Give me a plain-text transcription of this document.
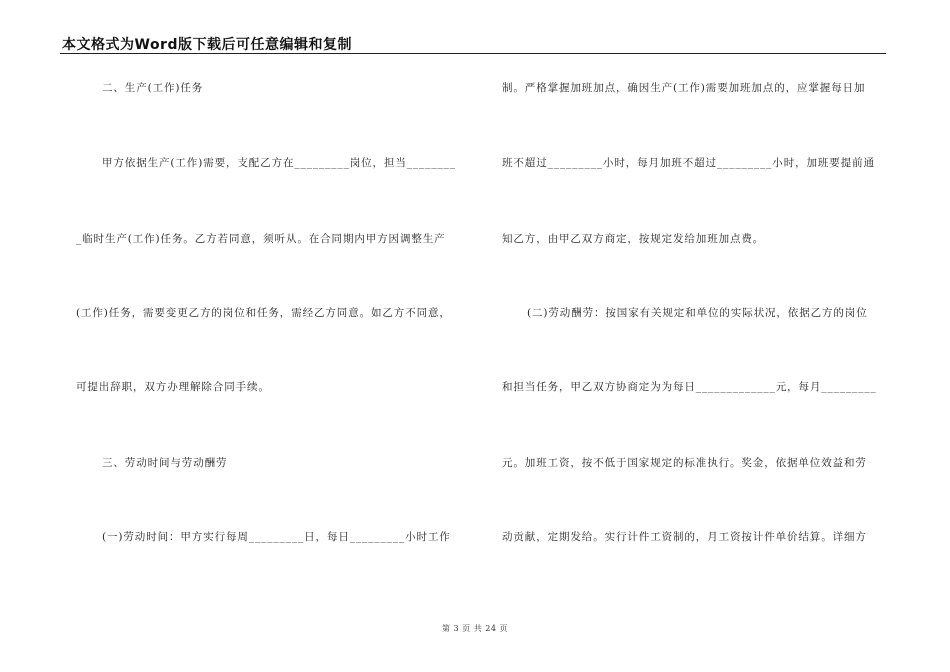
本文格式为Word版下载后可任意编辑和复制
二、生产(工作)任务
甲方依据生产(工作)需要，支配乙方在_________岗位，担当________
_临时生产(工作)任务。乙方若同意，须听从。在合同期内甲方因调整生产
(工作)任务，需要变更乙方的岗位和任务，需经乙方同意。如乙方不同意，
可提出辞职，双方办理解除合同手续。
三、劳动时间与劳动酬劳
(一)劳动时间：甲方实行每周_________日，每日_________小时工作
制。严格掌握加班加点，确因生产(工作)需要加班加点的，应掌握每日加
班不超过_________小时，每月加班不超过_________小时，加班要提前通
知乙方，由甲乙双方商定，按规定发给加班加点费。
(二)劳动酬劳：按国家有关规定和单位的实际状况，依据乙方的岗位
和担当任务，甲乙双方协商定为为每日_____________元，每月_________
元。加班工资，按不低于国家规定的标准执行。奖金，依据单位效益和劳
动贡献，定期发给。实行计件工资制的，月工资按计件单价结算。详细方
第 3 页 共 24 页
